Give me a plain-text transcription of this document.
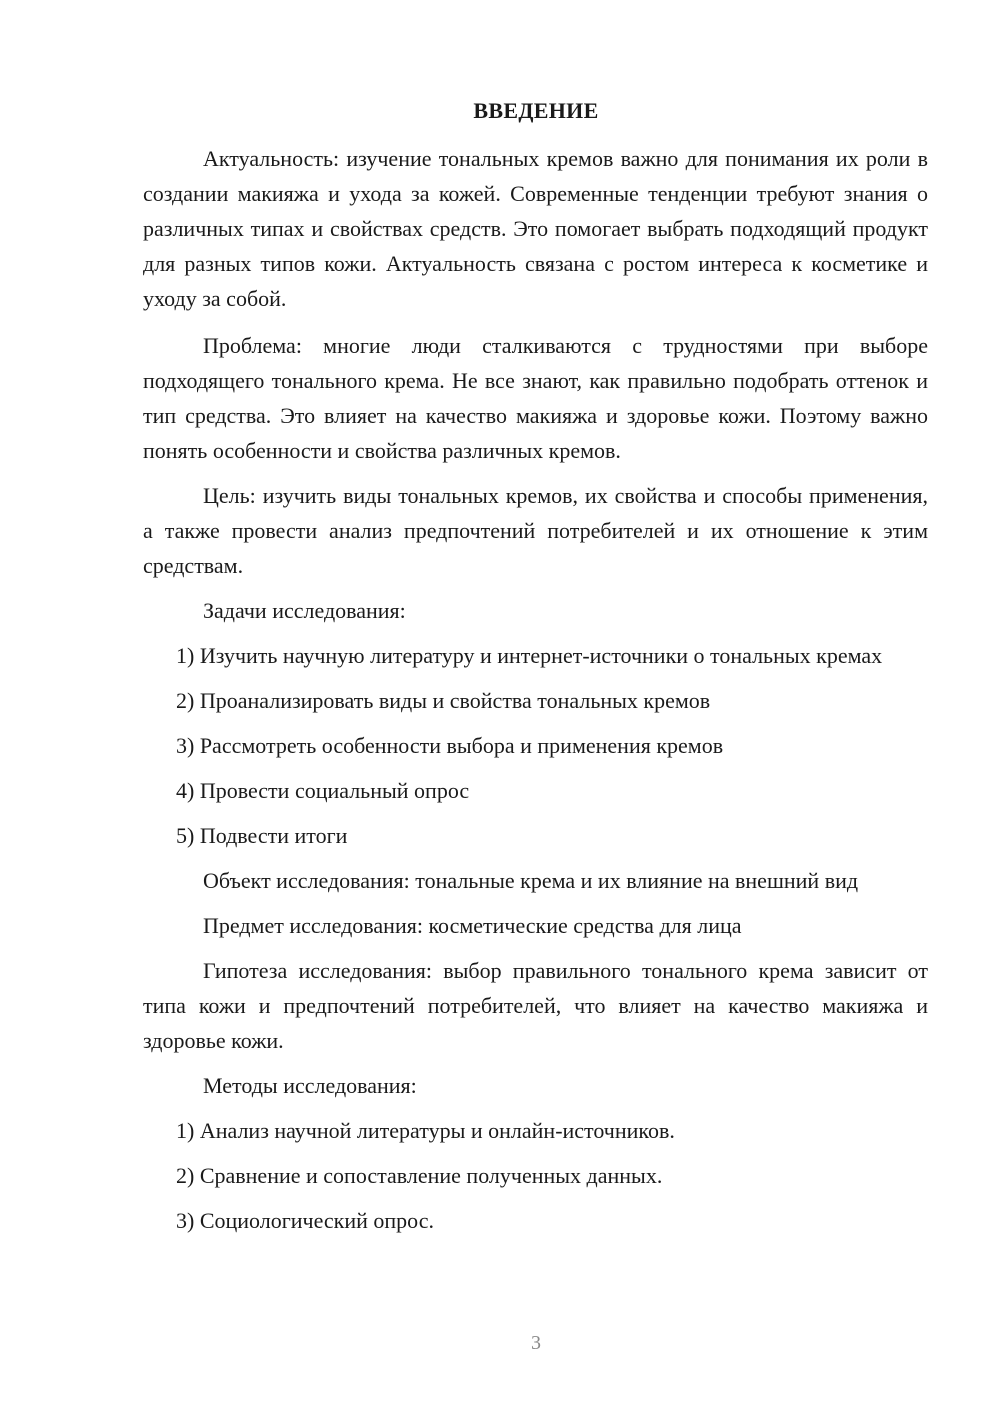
ВВЕДЕНИЕ

Актуальность: изучение тональных кремов важно для понимания их роли в создании макияжа и ухода за кожей. Современные тенденции требуют знания о различных типах и свойствах средств. Это помогает выбрать подходящий продукт для разных типов кожи. Актуальность связана с ростом интереса к косметике и уходу за собой.

Проблема: многие люди сталкиваются с трудностями при выборе подходящего тонального крема. Не все знают, как правильно подобрать оттенок и тип средства. Это влияет на качество макияжа и здоровье кожи. Поэтому важно понять особенности и свойства различных кремов.

Цель: изучить виды тональных кремов, их свойства и способы применения, а также провести анализ предпочтений потребителей и их отношение к этим средствам.

Задачи исследования:

1) Изучить научную литературу и интернет-источники о тональных кремах

2) Проанализировать виды и свойства тональных кремов

3) Рассмотреть особенности выбора и применения кремов

4) Провести социальный опрос

5) Подвести итоги

Объект исследования: тональные крема и их влияние на внешний вид

Предмет исследования: косметические средства для лица

Гипотеза исследования: выбор правильного тонального крема зависит от типа кожи и предпочтений потребителей, что влияет на качество макияжа и здоровье кожи.

Методы исследования:

1) Анализ научной литературы и онлайн-источников.

2) Сравнение и сопоставление полученных данных.

3) Социологический опрос.

3
